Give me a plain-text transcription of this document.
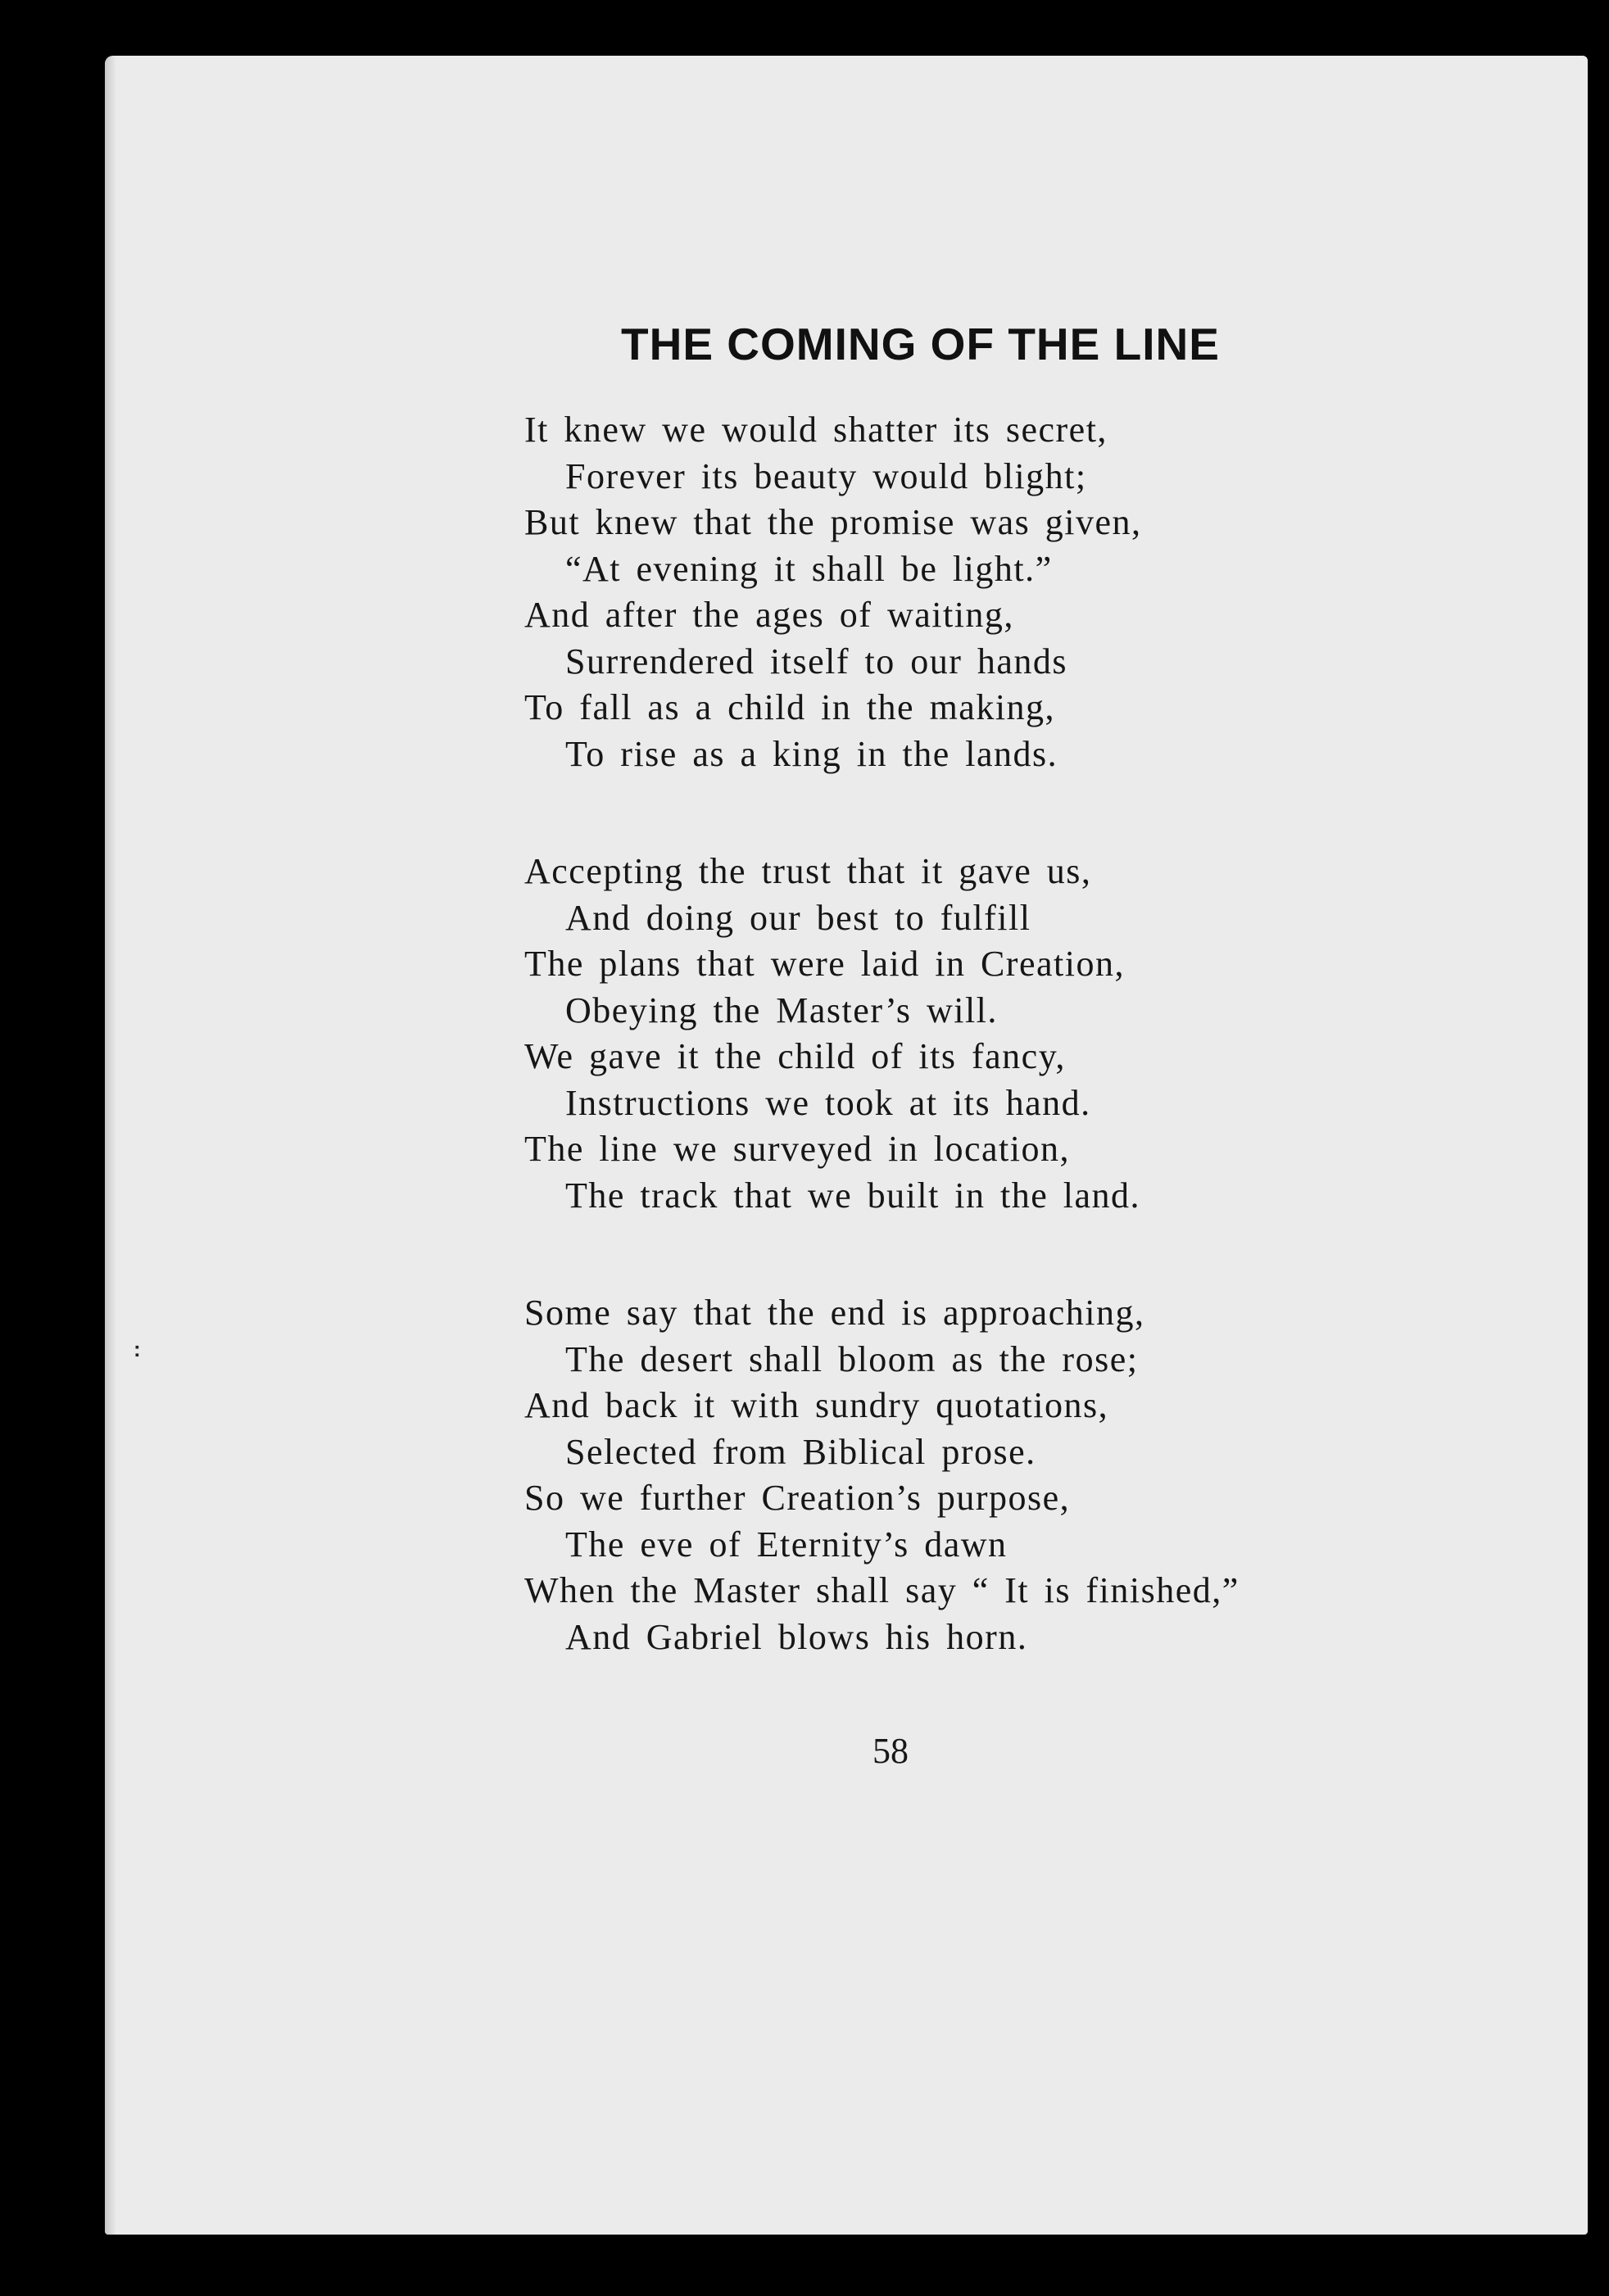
:
THE COMING OF THE LINE
It knew we would shatter its secret,
Forever its beauty would blight;
But knew that the promise was given,
“At evening it shall be light.”
And after the ages of waiting,
Surrendered itself to our hands
To fall as a child in the making,
To rise as a king in the lands.
Accepting the trust that it gave us,
And doing our best to fulfill
The plans that were laid in Creation,
Obeying the Master’s will.
We gave it the child of its fancy,
Instructions we took at its hand.
The line we surveyed in location,
The track that we built in the land.
Some say that the end is approaching,
The desert shall bloom as the rose;
And back it with sundry quotations,
Selected from Biblical prose.
So we further Creation’s purpose,
The eve of Eternity’s dawn
When the Master shall say “ It is finished,”
And Gabriel blows his horn.
58
